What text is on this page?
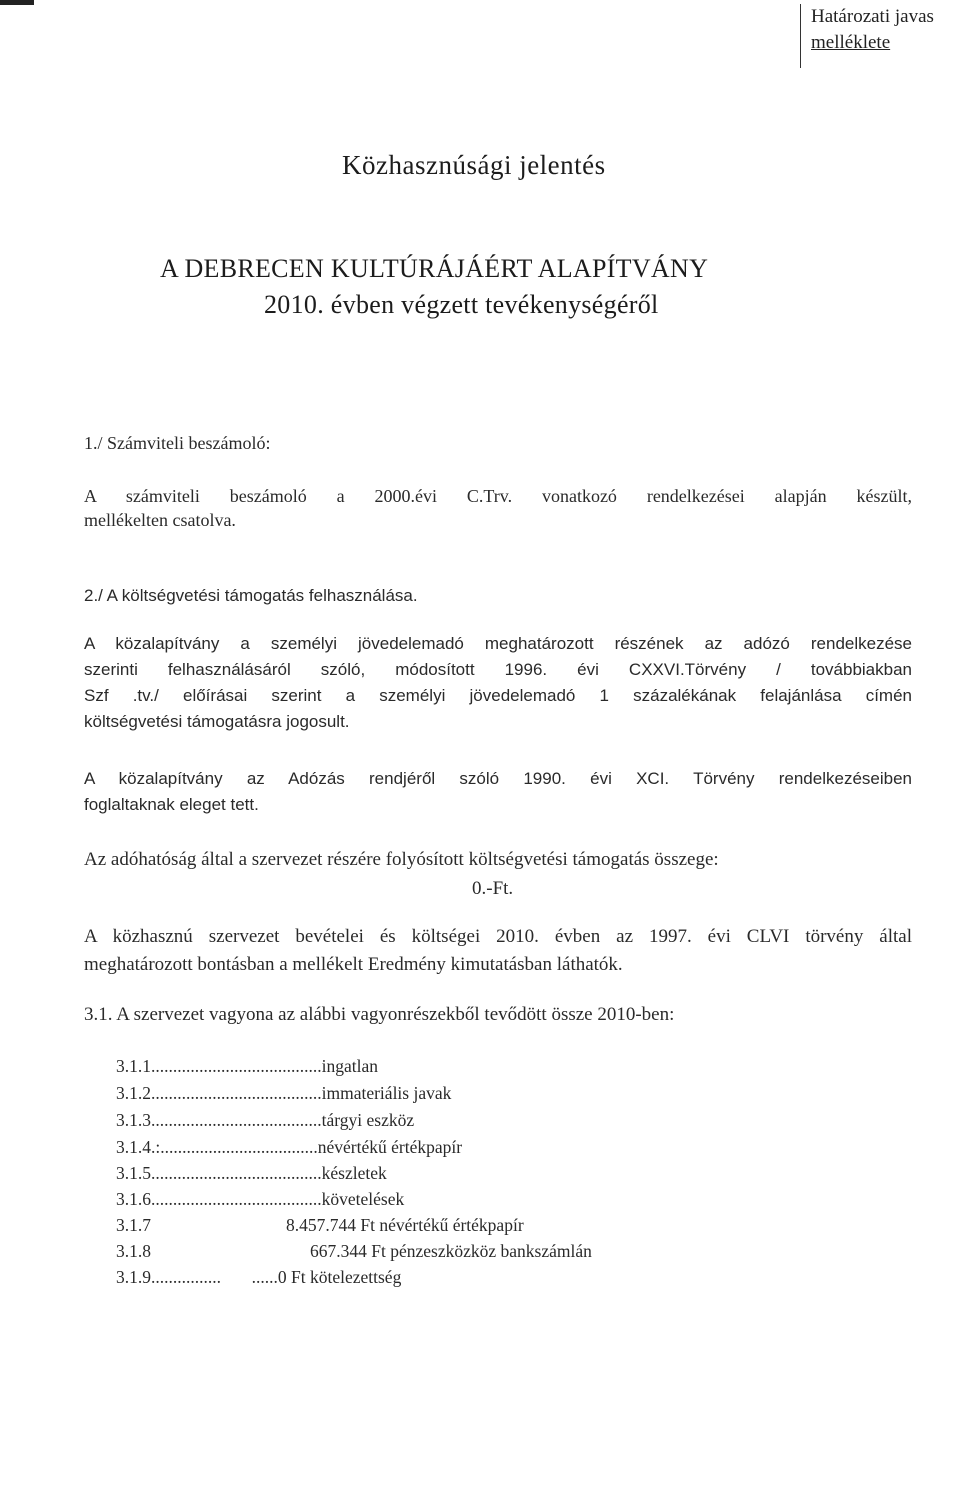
Határozati javas
mellékletе
Közhasznúsági jelentés
A DEBRECEN KULTÚRÁJÁÉRT ALAPÍTVÁNY
2010. évben végzett tevékenységéről
1./ Számviteli beszámoló:
A számviteli beszámoló a 2000.évi C.Trv. vonatkozó rendelkezései alapján készült,
mellékelten csatolva.
2./ A költségvetési támogatás felhasználása.
A közalapítvány a személyi jövedelemadó meghatározott részének az adózó rendelkezése
szerinti felhasználásáról szóló, módosított 1996. évi CXXVI.Törvény / továbbiakban
Szf .tv./ előírásai szerint a személyi jövedelemadó 1 százalékának felajánlása címén
költségvetési támogatásra jogosult.
A közalapítvány az Adózás rendjéről szóló 1990. évi XCI. Törvény rendelkezéseiben
foglaltaknak eleget tett.
Az adóhatóság által a szervezet részére folyósított költségvetési támogatás összege:
0.-Ft.
A közhasznú szervezet bevételei és költségei 2010. évben az 1997. évi CLVI törvény által
meghatározott bontásban a mellékelt Eredmény kimutatásban láthatók.
3.1. A szervezet vagyona az alábbi vagyonrészekből tevődött össze 2010-ben:
3.1.1 ....................................... ingatlan
3.1.2 ....................................... immateriális javak
3.1.3 ....................................... tárgyi eszköz
3.1.4.: .................................... névértékű értékpapír
3.1.5 ....................................... készletek
3.1.6 ....................................... követelések
3.1.7	8.457.744 Ft névértékű értékpapír
3.1.8	667.344 Ft pénzeszközköz bankszámlán
3.1.9 ................       ...... 0 Ft kötelezettség
